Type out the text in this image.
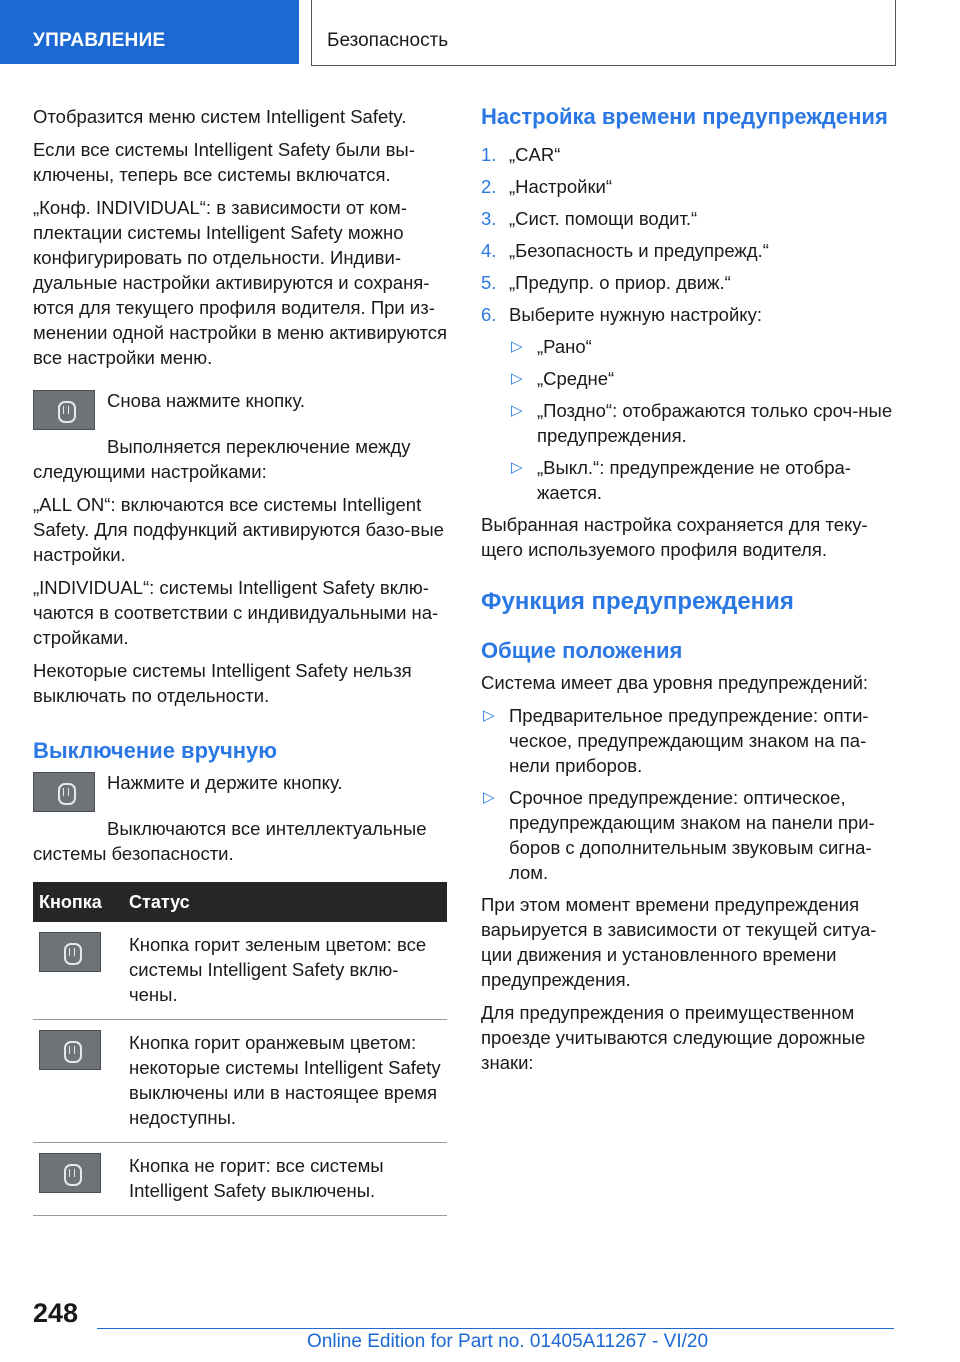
УПРАВЛЕНИЕ	Безопасность

Отобразится меню систем Intelligent Safety.

Если все системы Intelligent Safety были вы-ключены, теперь все системы включатся.

„Конф. INDIVIDUAL“: в зависимости от ком-плектации системы Intelligent Safety можно конфигурировать по отдельности. Индиви-дуальные настройки активируются и сохраня-ются для текущего профиля водителя. При из-менении одной настройки в меню активируются все настройки меню.

Снова нажмите кнопку.

Выполняется переключение между следующими настройками:

„ALL ON“: включаются все системы Intelligent Safety. Для подфункций активируются базо-вые настройки.

„INDIVIDUAL“: системы Intelligent Safety вклю-чаются в соответствии с индивидуальными на-стройками.

Некоторые системы Intelligent Safety нельзя выключать по отдельности.

Выключение вручную

Нажмите и держите кнопку.

Выключаются все интеллектуальные системы безопасности.

Кнопка	Статус
	Кнопка горит зеленым цветом: все системы Intelligent Safety вклю-чены.
	Кнопка горит оранжевым цветом: некоторые системы Intelligent Safety выключены или в настоящее время недоступны.
	Кнопка не горит: все системы Intelligent Safety выключены.
Настройка времени предупреждения
1. „CAR“
2. „Настройки“
3. „Сист. помощи водит.“
4. „Безопасность и предупрежд.“
5. „Предупр. о приор. движ.“
6. Выберите нужную настройку:
▷ „Рано“
▷ „Средне“
▷ „Поздно“: отображаются только сроч-ные предупреждения.
▷ „Выкл.“: предупреждение не отобра-жается.

Выбранная настройка сохраняется для теку-щего используемого профиля водителя.

Функция предупреждения
Общие положения

Система имеет два уровня предупреждений:

▷ Предварительное предупреждение: опти-ческое, предупреждающим знаком на па-нели приборов.
▷ Срочное предупреждение: оптическое, предупреждающим знаком на панели при-боров с дополнительным звуковым сигна-лом.

При этом момент времени предупреждения варьируется в зависимости от текущей ситуа-ции движения и установленного времени предупреждения.

Для предупреждения о преимущественном проезде учитываются следующие дорожные знаки:

248
Online Edition for Part no. 01405A11267 - VI/20
